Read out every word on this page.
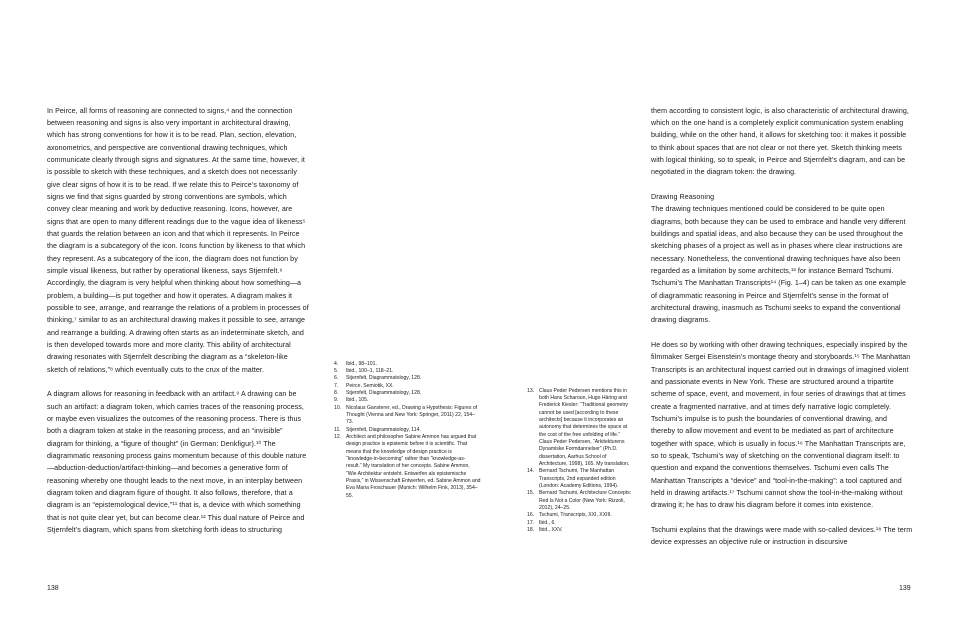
In Peirce, all forms of reasoning are connected to signs,⁴ and the connection between reasoning and signs is also very important in architectural drawing, which has strong conventions for how it is to be read. Plan, section, elevation, axonometrics, and perspective are conventional drawing techniques, which communicate clearly through signs and signatures. At the same time, however, it is possible to sketch with these techniques, and a sketch does not necessarily give clear signs of how it is to be read. If we relate this to Peirce’s taxonomy of signs we find that signs guarded by strong conventions are symbols, which convey clear meaning and work by deductive reasoning. Icons, however, are signs that are open to many different readings due to the vague idea of likeness⁵ that guards the relation between an icon and that which it represents. In Peirce the diagram is a subcategory of the icon. Icons function by likeness to that which they represent. As a subcategory of the icon, the diagram does not function by simple visual likeness, but rather by operational likeness, says Stjernfelt.⁶ Accordingly, the diagram is very helpful when thinking about how something—a problem, a building—is put together and how it operates. A diagram makes it possible to see, arrange, and rearrange the relations of a problem in processes of thinking,⁷ similar to as an architectural drawing makes it possible to see, arrange and rearrange a building. A drawing often starts as an indeterminate sketch, and is then developed towards more and more clarity. This ability of architectural drawing resonates with Stjernfelt describing the diagram as a “skeleton-like sketch of relations,”⁸ which eventually cuts to the crux of the matter.

A diagram allows for reasoning in feedback with an artifact.⁹ A drawing can be such an artifact: a diagram token, which carries traces of the reasoning process, or maybe even visualizes the outcomes of the reasoning process. There is thus both a diagram token at stake in the reasoning process, and an “invisible” diagram for thinking, a “figure of thought” (in German: Denkfigur).¹⁰ The diagrammatic reasoning process gains momentum because of this double nature—abduction-deduction/artifact-thinking—and becomes a generative form of reasoning whereby one thought leads to the next move, in an interplay between diagram token and diagram figure of thought. It also follows, therefore, that a diagram is an “epistemological device,”¹¹ that is, a device with which something that is not quite clear yet, but can become clear.¹² This dual nature of Peirce and Stjernfelt’s diagram, which spans from sketching forth ideas to structuring

4. Ibid., 98–101.
5. Ibid., 100–1, 118–21.
6. Stjernfelt, Diagrammatology, 128.
7. Peirce, Semiotik, XX.
8. Stjernfelt, Diagrammatology, 128.
9. Ibid., 105.
10. Nicolaus Gansterer, ed., Drawing a Hypothesis: Figures of Thought (Vienna and New York: Springer, 2011) 22, 154–73.
11. Stjernfelt, Diagrammatology, 114.
12. Architect and philosopher Sabine Ammon has argued that design practice is epistemic before it is scientific. That means that the knowledge of design practice is “knowledge-in-becoming” rather than “knowledge-as-result.” My translation of her concepts. Sabine Ammon, “Wie Architektur entsteht. Entwerfen als epistemische Praxis,” in Wissenschaft Entwerfen, ed. Sabine Ammon and Eva Maria Froschauer (Munich: Wilhelm Fink, 2013), 354–55.
13. Claus Peder Pedersen mentions this in both Hans Scharoun, Hugo Häring and Frederick Kiesler: “Traditional geometry cannot be used [according to these architects] because it incorporates an autonomy that determines the space at the cost of the free unfolding of life.” Claus Peder Pedersen, “Arkitekturens Dynamiske Formdannelser” (Ph.D. dissertation, Aarhus School of Architecture, 1998), 165. My translation.
14. Bernard Tschumi, The Manhattan Transcripts, 2nd expanded edition (London: Academy Editions, 1994).
15. Bernard Tschumi, Architecture Concepts: Red Is Not a Color (New York: Rizzoli, 2012), 24–25.
16. Tschumi, Transcripts, XXI, XXIII.
17. Ibid., 6.
18. Ibid., XXV.

them according to consistent logic, is also characteristic of architectural drawing, which on the one hand is a completely explicit communication system enabling building, while on the other hand, it allows for sketching too: it makes it possible to think about spaces that are not clear or not there yet. Sketch thinking meets with logical thinking, so to speak, in Peirce and Stjernfelt’s diagram, and can be negotiated in the diagram token: the drawing.

Drawing Reasoning

The drawing techniques mentioned could be considered to be quite open diagrams, both because they can be used to embrace and handle very different buildings and spatial ideas, and also because they can be used throughout the sketching phases of a project as well as in phases where clear instructions are necessary. Nonetheless, the conventional drawing techniques have also been regarded as a limitation by some architects,¹³ for instance Bernard Tschumi. Tschumi’s The Manhattan Transcripts¹⁴ (Fig. 1–4) can be taken as one example of diagrammatic reasoning in Peirce and Stjernfelt’s sense in the format of architectural drawing, inasmuch as Tschumi seeks to expand the conventional drawing diagrams.

He does so by working with other drawing techniques, especially inspired by the filmmaker Sergei Eisenstein’s montage theory and storyboards.¹⁵ The Manhattan Transcripts is an architectural inquest carried out in drawings of imagined violent and passionate events in New York. These are structured around a tripartite scheme of space, event, and movement, in four series of drawings that at times create a fragmented narrative, and at times defy narrative logic completely. Tschumi’s impulse is to push the boundaries of conventional drawing, and thereby to allow movement and event to be mediated as part of architecture together with space, which is usually in focus.¹⁶ The Manhattan Transcripts are, so to speak, Tschumi’s way of sketching on the conventional diagram itself: to question and expand the conventions themselves. Tschumi even calls The Manhattan Transcripts a “device” and “tool-in-the-making”: a tool captured and held in drawing artifacts.¹⁷ Tschumi cannot show the tool-in-the-making without drawing it; he has to draw his diagram before it comes into existence.

Tschumi explains that the drawings were made with so-called devices.¹⁸ The term device expresses an objective rule or instruction in discursive

138	139
